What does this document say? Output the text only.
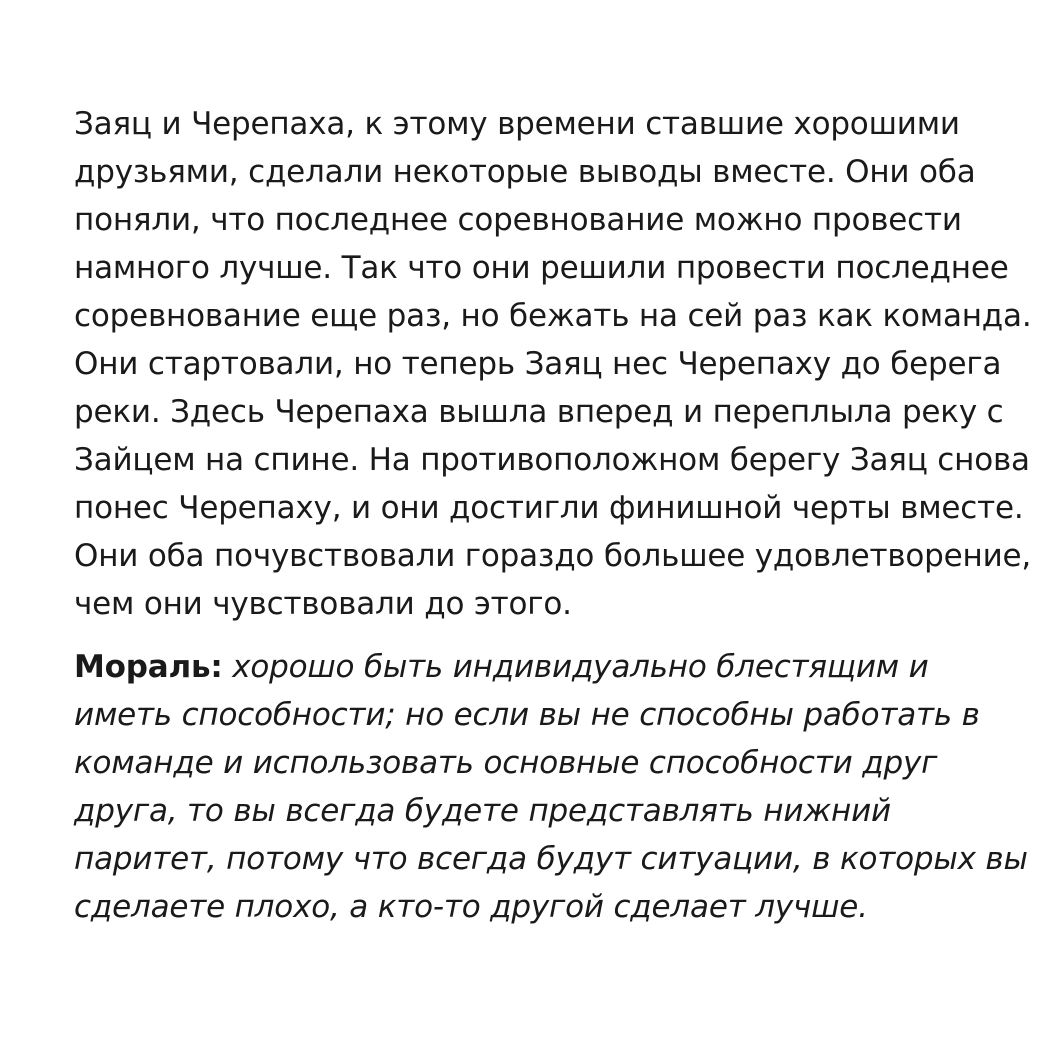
Заяц и Черепаха, к этому времени ставшие хорошими друзьями, сделали некоторые выводы вместе. Они оба поняли, что последнее соревнование можно провести намного лучше. Так что они решили провести последнее соревнование еще раз, но бежать на сей раз как команда. Они стартовали, но теперь Заяц нес Черепаху до берега реки. Здесь Черепаха вышла вперед и переплыла реку с Зайцем на спине. На противоположном берегу Заяц снова понес Черепаху, и они достигли финишной черты вместе. Они оба почувствовали гораздо большее удовлетворение, чем они чувствовали до этого.

Мораль: хорошо быть индивидуально блестящим и иметь способности; но если вы не способны работать в команде и использовать основные способности друг друга, то вы всегда будете представлять нижний паритет, потому что всегда будут ситуации, в которых вы сделаете плохо, а кто-то другой сделает лучше.
